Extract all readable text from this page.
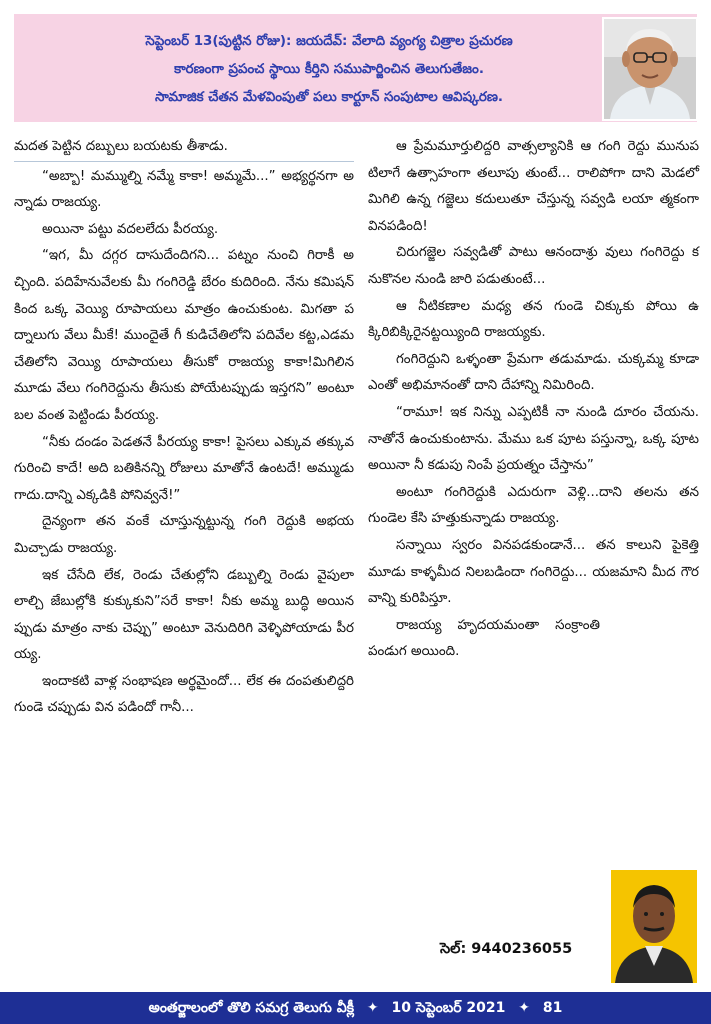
సెప్టెంబర్ 13(పుట్టిన రోజు): జయదేవ్: వేలాది వ్యంగ్య చిత్రాల ప్రచురణ
కారణంగా ప్రపంచ స్థాయి కీర్తిని సముపార్జించిన తెలుగుతేజం.
సామాజిక చేతన మేళవింపుతో పలు కార్టూన్ సంపుటాల ఆవిష్కరణ.

మదత పెట్టిన దబ్బులు బయటకు తీశాడు.

“అబ్బా! మమ్ముల్ని నమ్మే కాకా! అమ్మమే...” అభ్యర్థనగా అన్నాడు రాజయ్య.

అయినా పట్టు వదలలేదు పీరయ్య.

“ఇగ, మీ దగ్గర దాసుదేందిగని... పట్నం నుంచి గిరాకీ అచ్చింది. పదిహేనువేలకు మీ గంగిరెడ్డి బేరం కుదిరింది. నేను కమిషన్ కింద ఒక్క వెయ్యి రూపాయలు మాత్రం ఉంచుకుంట. మిగతా పద్నాలుగు వేలు మీకే! ముందైతే గీ కుడిచేతిలోని పదివేల కట్ట,ఎడమ చేతిలోని వెయ్యి రూపాయలు తీసుకో రాజయ్య కాకా!మిగిలిన మూడు వేలు గంగిరెద్దును తీసుకు పోయేటప్పుడు ఇస్తగని” అంటూ బల వంత పెట్టిండు పీరయ్య.

“నీకు దండం పెడతనే పీరయ్య కాకా! పైసలు ఎక్కువ తక్కువ గురించి కాదే! అది బతికినన్ని రోజులు మాతోనే ఉంటదే! అమ్ముడు గాదు.దాన్ని ఎక్కడికి పోనివ్వనే!”

దైన్యంగా తన వంకే చూస్తున్నట్టున్న గంగి రెద్దుకి అభయమిచ్చాడు రాజయ్య.

ఇక చేసేది లేక, రెండు చేతుల్లోని డబ్బుల్ని రెండు వైపులా లాల్చి జేబుల్లోకి కుక్కుకుని”సరే కాకా! నీకు అమ్మ బుద్ధి అయినప్పుడు మాత్రం నాకు చెప్పు” అంటూ వెనుదిరిగి వెళ్ళిపోయాడు పీరయ్య.

ఇందాకటి వాళ్ల సంభాషణ అర్థమైందో... లేక ఈ దంపతులిద్దరి గుండె చప్పుడు విన పడిందో గానీ...

ఆ ప్రేమమూర్తులిద్దరి వాత్సల్యానికి ఆ గంగి రెద్దు మునుపటిలాగే ఉత్సాహంగా తలూపు తుంటే... రాలిపోగా దాని మెడలో మిగిలి ఉన్న గజ్జెలు కదులుతూ చేస్తున్న సవ్వడి లయా త్మకంగా వినపడింది!

చిరుగజ్జెల సవ్వడితో పాటు ఆనందాశ్రు వులు గంగిరెద్దు కనుకొనల నుండి జారి పడుతుంటే...

ఆ నీటికణాల మధ్య తన గుండె చిక్కుకు పోయి ఉక్కిరిబిక్కిరైనట్టయ్యింది రాజయ్యకు.

గంగిరెద్దుని ఒళ్ళంతా ప్రేమగా తడుమాడు. చుక్కమ్మ కూడా ఎంతో అభిమానంతో దాని దేహాన్ని నిమిరింది.

“రామూ! ఇక నిన్ను ఎప్పటికీ నా నుండి దూరం చేయను. నాతోనే ఉంచుకుంటాను. మేము ఒక పూట పస్తున్నా, ఒక్క పూట అయినా నీ కడుపు నింపే ప్రయత్నం చేస్తాను”

అంటూ గంగిరెద్దుకి ఎదురుగా వెళ్లి...దాని తలను తన గుండెల కేసి హత్తుకున్నాడు రాజయ్య.

సన్నాయి స్వరం వినపడకుండానే... తన కాలుని పైకెత్తి మూడు కాళ్ళమీద నిలబడిందా గంగిరెద్దు... యజమాని మీద గౌరవాన్ని కురిపిస్తూ.

రాజయ్య హృదయమంతా సంక్రాంతి పండుగ అయింది.

సెల్: 9440236055
అంతర్జాలంలో తొలి సమగ్ర తెలుగు వీక్లీ ✦ 10 సెప్టెంబర్ 2021 ✦ 81
